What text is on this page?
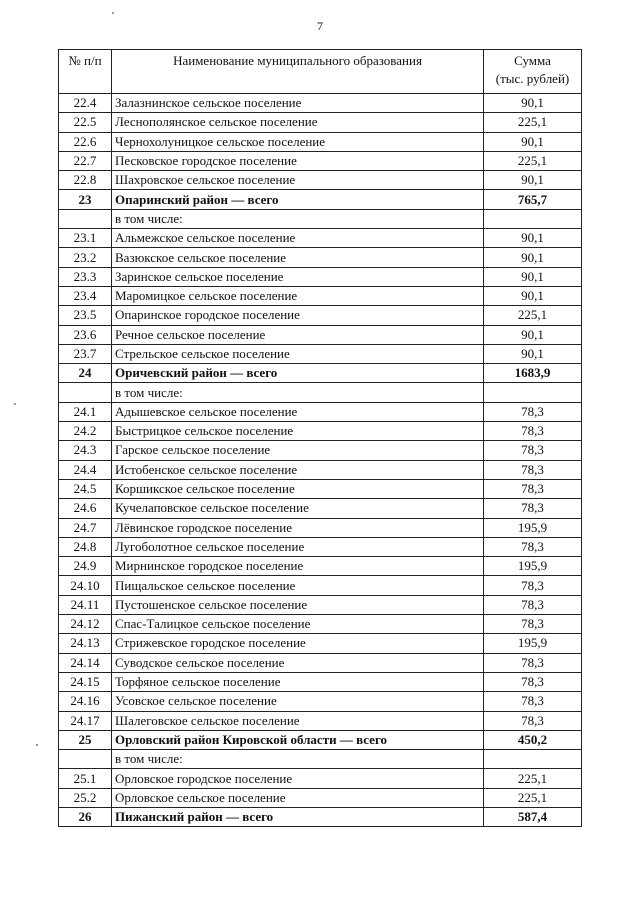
7
№ п/п	Наименование муниципального образования	Сумма
(тыс. рублей)

22.4	Залазнинское сельское поселение	90,1
22.5	Леснополянское сельское поселение	225,1
22.6	Чернохолуницкое сельское поселение	90,1
22.7	Песковское городское поселение	225,1
22.8	Шахровское сельское поселение	90,1
23	Опаринский район — всего	765,7
	в том числе:	
23.1	Альмежское сельское поселение	90,1
23.2	Вазюкское сельское поселение	90,1
23.3	Заринское сельское поселение	90,1
23.4	Маромицкое сельское поселение	90,1
23.5	Опаринское городское поселение	225,1
23.6	Речное сельское поселение	90,1
23.7	Стрельское сельское поселение	90,1
24	Оричевский район — всего	1683,9
	в том числе:	
24.1	Адышевское сельское поселение	78,3
24.2	Быстрицкое сельское поселение	78,3
24.3	Гарское сельское поселение	78,3
24.4	Истобенское сельское поселение	78,3
24.5	Коршикское сельское поселение	78,3
24.6	Кучелаповское сельское поселение	78,3
24.7	Лёвинское городское поселение	195,9
24.8	Лугоболотное сельское поселение	78,3
24.9	Мирнинское городское поселение	195,9
24.10	Пищальское сельское поселение	78,3
24.11	Пустошенское сельское поселение	78,3
24.12	Спас-Талицкое сельское поселение	78,3
24.13	Стрижевское городское поселение	195,9
24.14	Суводское сельское поселение	78,3
24.15	Торфяное сельское поселение	78,3
24.16	Усовское сельское поселение	78,3
24.17	Шалеговское сельское поселение	78,3
25	Орловский район Кировской области — всего	450,2
	в том числе:	
25.1	Орловское городское поселение	225,1
25.2	Орловское сельское поселение	225,1
26	Пижанский район — всего	587,4
